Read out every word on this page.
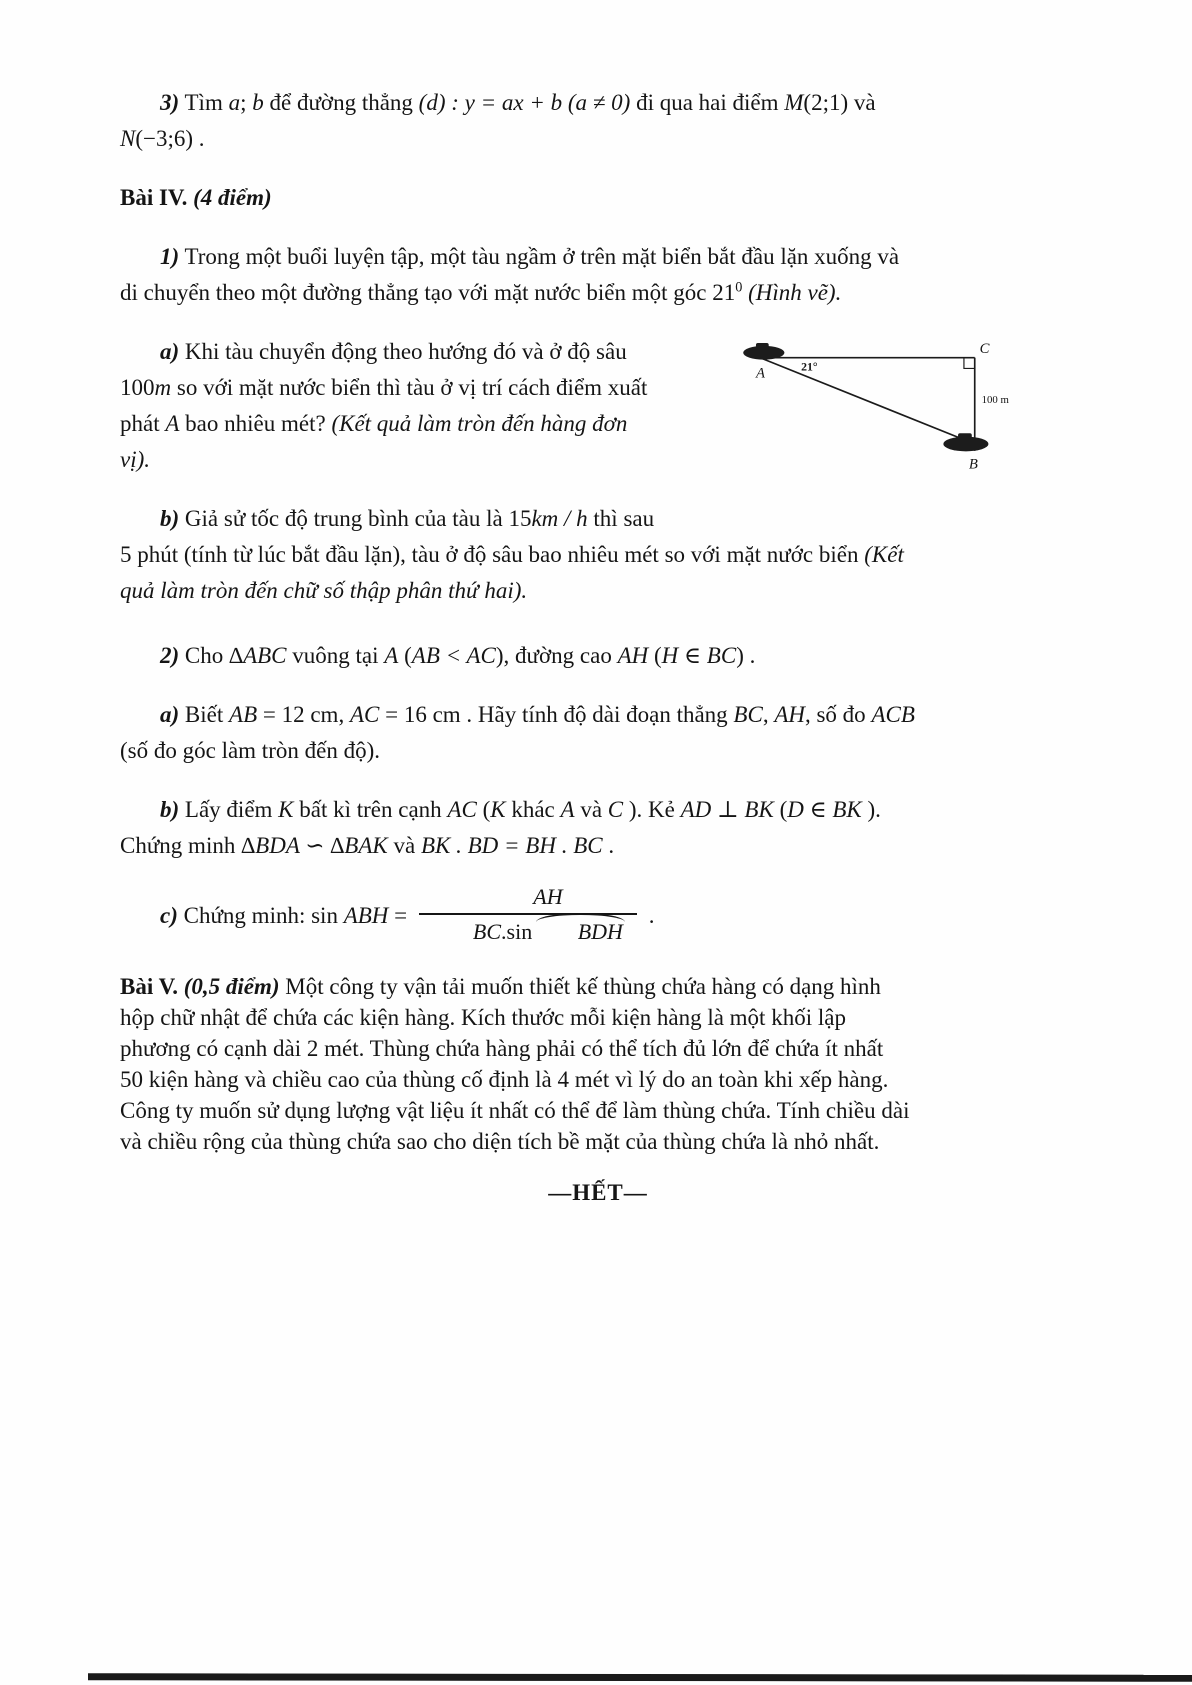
3) Tìm a; b để đường thẳng (d) : y = ax + b (a ≠ 0) đi qua hai điểm M(2;1) và
N(−3;6) .

Bài IV. (4 điểm)

1) Trong một buổi luyện tập, một tàu ngầm ở trên mặt biển bắt đầu lặn xuống và
di chuyển theo một đường thẳng tạo với mặt nước biển một góc $21^0$ (Hình vẽ).

A
C
B
21°
100 m

a) Khi tàu chuyển động theo hướng đó và ở độ sâu
100m so với mặt nước biển thì tàu ở vị trí cách điểm xuất
phát A bao nhiêu mét? (Kết quả làm tròn đến hàng đơn
vị).

b) Giả sử tốc độ trung bình của tàu là 15km / h thì sau
5 phút (tính từ lúc bắt đầu lặn), tàu ở độ sâu bao nhiêu mét so với mặt nước biển (Kết
quả làm tròn đến chữ số thập phân thứ hai).

2) Cho ∆ABC vuông tại A (AB < AC), đường cao AH (H ∈ BC) .

a) Biết AB = 12 cm, AC = 16 cm . Hãy tính độ dài đoạn thẳng BC, AH, số đo ACB
(số đo góc làm tròn đến độ).

b) Lấy điểm K bất kì trên cạnh AC (K khác A và C ). Kẻ AD ⊥ BK (D ∈ BK ).
Chứng minh ∆BDA ∽ ∆BAK và BK . BD = BH . BC .

c) Chứng minh: sin ABH = $\frac{AH}{\text{BC.sin BDH}}$ .

Bài V. (0,5 điểm) Một công ty vận tải muốn thiết kế thùng chứa hàng có dạng hình
hộp chữ nhật để chứa các kiện hàng. Kích thước mỗi kiện hàng là một khối lập
phương có cạnh dài 2 mét. Thùng chứa hàng phải có thể tích đủ lớn để chứa ít nhất
50 kiện hàng và chiều cao của thùng cố định là 4 mét vì lý do an toàn khi xếp hàng.
Công ty muốn sử dụng lượng vật liệu ít nhất có thể để làm thùng chứa. Tính chiều dài
và chiều rộng của thùng chứa sao cho diện tích bề mặt của thùng chứa là nhỏ nhất.

—HẾT—
